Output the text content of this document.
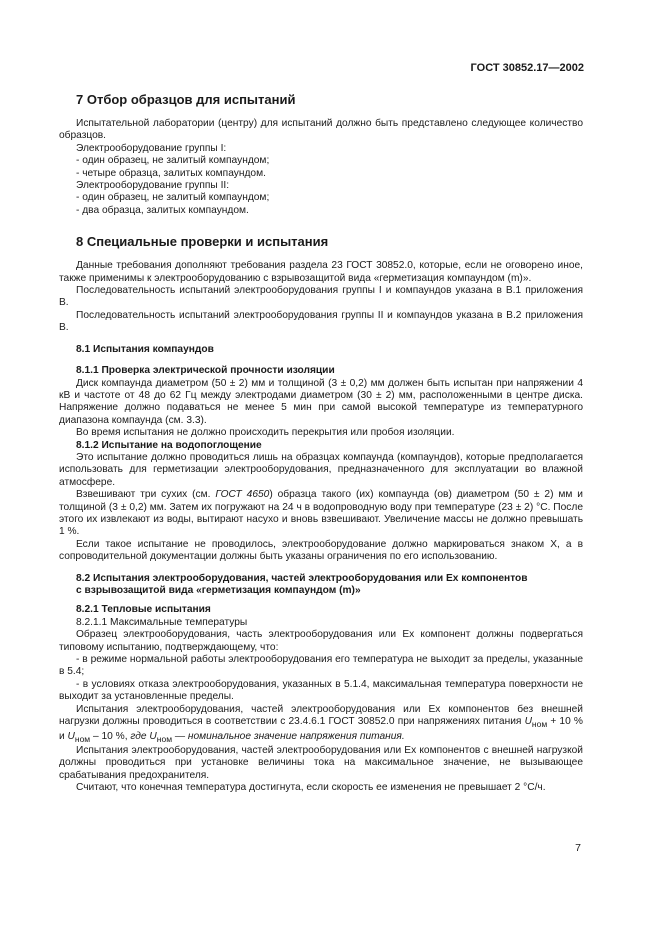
ГОСТ 30852.17—2002

7 Отбор образцов для испытаний

Испытательной лаборатории (центру) для испытаний должно быть представлено следующее количество образцов.

Электрооборудование группы I:

- один образец, не залитый компаундом;

- четыре образца, залитых компаундом.

Электрооборудование группы II:

- один образец, не залитый компаундом;

- два образца, залитых компаундом.

8 Специальные проверки и испытания

Данные требования дополняют требования раздела 23 ГОСТ 30852.0, которые, если не оговорено иное, также применимы к электрооборудованию с взрывозащитой вида «герметизация компаундом (m)».

Последовательность испытаний электрооборудования группы I и компаундов указана в В.1 приложения В.

Последовательность испытаний электрооборудования группы II и компаундов указана в В.2 приложения В.

8.1 Испытания компаундов

8.1.1 Проверка электрической прочности изоляции

Диск компаунда диаметром (50 ± 2) мм и толщиной (3 ± 0,2) мм должен быть испытан при напряжении 4 кВ и частоте от 48 до 62 Гц между электродами диаметром (30 ± 2) мм, расположенными в центре диска. Напряжение должно подаваться не менее 5 мин при самой высокой температуре из температурного диапазона компаунда (см. 3.3).

Во время испытания не должно происходить перекрытия или пробоя изоляции.

8.1.2 Испытание на водопоглощение

Это испытание должно проводиться лишь на образцах компаунда (компаундов), которые предполагается использовать для герметизации электрооборудования, предназначенного для эксплуатации во влажной атмосфере.

Взвешивают три сухих (см. ГОСТ 4650) образца такого (их) компаунда (ов) диаметром (50 ± 2) мм и толщиной (3 ± 0,2) мм. Затем их погружают на 24 ч в водопроводную воду при температуре (23 ± 2) °С. После этого их извлекают из воды, вытирают насухо и вновь взвешивают. Увеличение массы не должно превышать 1 %.

Если такое испытание не проводилось, электрооборудование должно маркироваться знаком X, а в сопроводительной документации должны быть указаны ограничения по его использованию.

8.2 Испытания электрооборудования, частей электрооборудования или Ex компонентов
с взрывозащитой вида «герметизация компаундом (m)»

8.2.1 Тепловые испытания

8.2.1.1 Максимальные температуры

Образец электрооборудования, часть электрооборудования или Ex компонент должны подвергаться типовому испытанию, подтверждающему, что:

- в режиме нормальной работы электрооборудования его температура не выходит за пределы, указанные в 5.4;

- в условиях отказа электрооборудования, указанных в 5.1.4, максимальная температура поверхности не выходит за установленные пределы.

Испытания электрооборудования, частей электрооборудования или Ex компонентов без внешней нагрузки должны проводиться в соответствии с 23.4.6.1 ГОСТ 30852.0 при напряжениях питания $U_{ном} + 10$ % и $U_{ном} - 10$ %, где $U_{ном}$ — номинальное значение напряжения питания.

Испытания электрооборудования, частей электрооборудования или Ex компонентов с внешней нагрузкой должны проводиться при установке величины тока на максимальное значение, не вызывающее срабатывания предохранителя.

Считают, что конечная температура достигнута, если скорость ее изменения не превышает 2 °С/ч.

7
